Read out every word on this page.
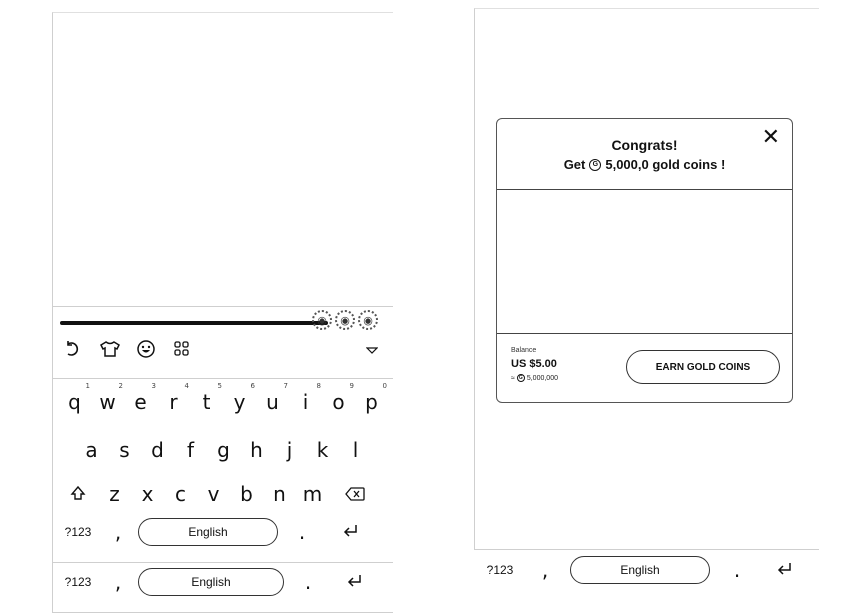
◉	◉	◉
q
1
w
2
e
3
r
4
t
5
y
6
u
7
i
8
o
9
p
0
a	s	d	f	g	h	j	k	l
z	x	c	v	b	n m
?123	,	English	.
?123	,	English	.
Congrats!
Get	G 5,000,0 gold coins !
✕
Balance
US $5.00
≈ G 5,000,000
EARN GOLD COINS
?123	,	English	.
